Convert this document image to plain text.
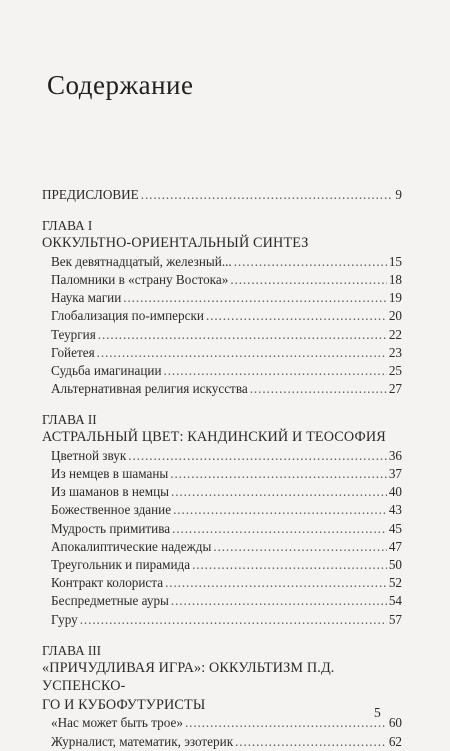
Содержание
ПРЕДИСЛОВИЕ . . .	9
ГЛАВА I
ОККУЛЬТНО-ОРИЕНТАЛЬНЫЙ СИНТЕЗ
Век девятнадцатый, железный... . . .	15
Паломники в «страну Востока» . . .	18
Наука магии . . .	19
Глобализация по-имперски . . .	20
Теургия . . .	22
Гойетея . . .	23
Судьба имагинации . . .	25
Альтернативная религия искусства . . .	27
ГЛАВА II
АСТРАЛЬНЫЙ ЦВЕТ: КАНДИНСКИЙ И ТЕОСОФИЯ
Цветной звук . . .	36
Из немцев в шаманы . . .	37
Из шаманов в немцы . . .	40
Божественное здание . . .	43
Мудрость примитива . . .	45
Апокалиптические надежды . . .	47
Треугольник и пирамида . . .	50
Контракт колориста . . .	52
Беспредметные ауры . . .	54
Гуру . . .	57
ГЛАВА III
«ПРИЧУДЛИВАЯ ИГРА»: ОККУЛЬТИЗМ П.Д. УСПЕНСКО-
ГО И КУБОФУТУРИСТЫ
«Нас может быть трое» . . .	60
Журналист, математик, эзотерик . . .	62
5
